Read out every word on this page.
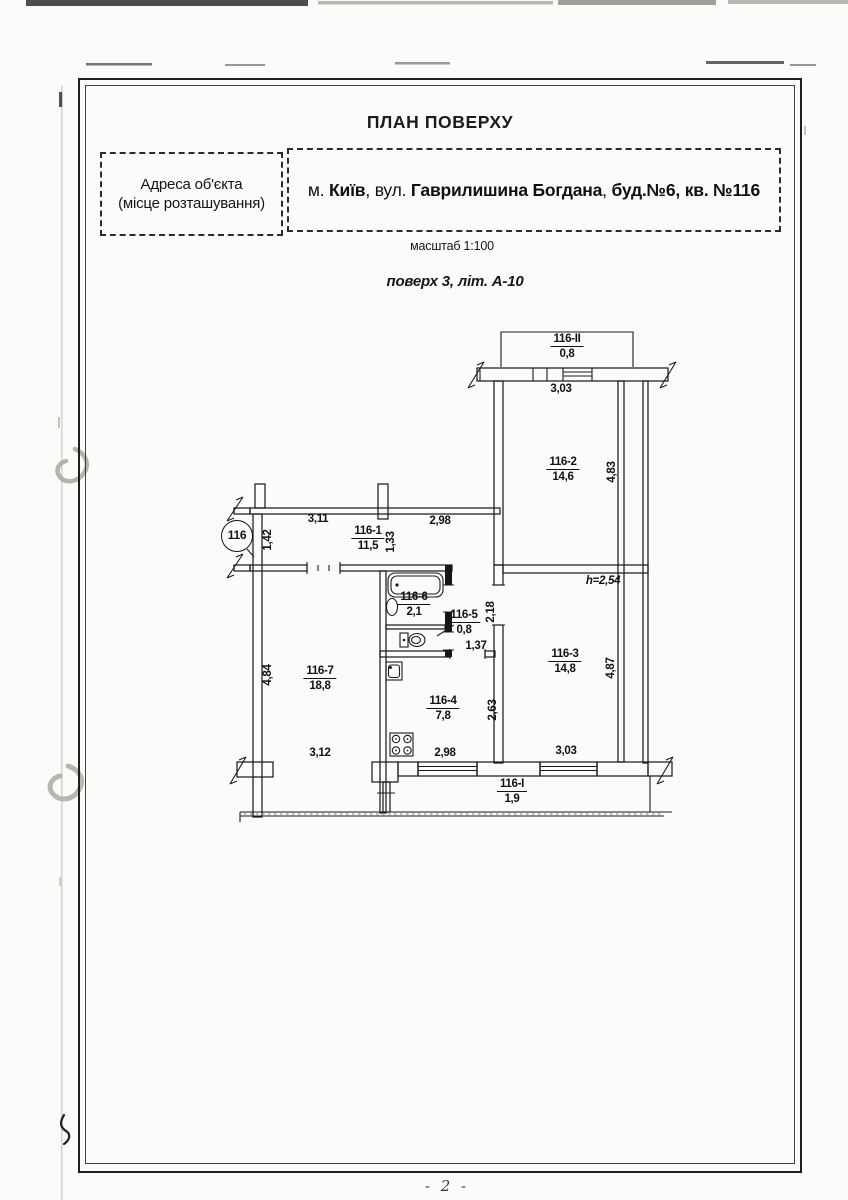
ПЛАН ПОВЕРХУ
Адреса об'єкта
(місце розташування)
м. Київ, вул. Гаврилишина Богдана, буд.№6, кв. №116
масштаб 1:100
поверх 3, літ. А-10
116-II
0,8
116-2
14,6
116-1
11,5
116-6
2,1	116-5
0,8
116-3
14,8
116-7
18,8
116-4
7,8
116-I
1,9
3,03
4,83
3,11	2,98
1,42	1,33
2,18
1,37
h=2,54
4,87
4,84
2,63
3,12	2,98	3,03
116
- 2 -
